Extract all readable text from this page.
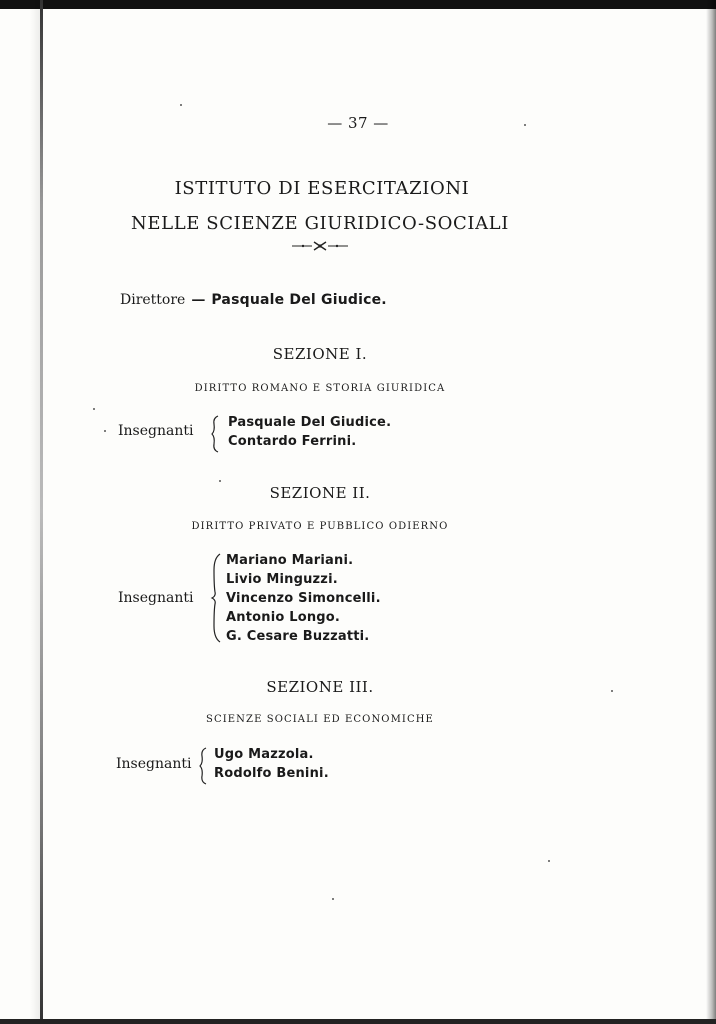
— 37 —
ISTITUTO DI ESERCITAZIONI
NELLE SCIENZE GIURIDICO-SOCIALI
Direttore — Pasquale Del Giudice.
SEZIONE I.
DIRITTO ROMANO E STORIA GIURIDICA
Insegnanti
Pasquale Del Giudice.
Contardo Ferrini.
SEZIONE II.
DIRITTO PRIVATO E PUBBLICO ODIERNO
Insegnanti
Mariano Mariani.
Livio Minguzzi.
Vincenzo Simoncelli.
Antonio Longo.
G. Cesare Buzzatti.
SEZIONE III.
SCIENZE SOCIALI ED ECONOMICHE
Insegnanti
Ugo Mazzola.
Rodolfo Benini.
